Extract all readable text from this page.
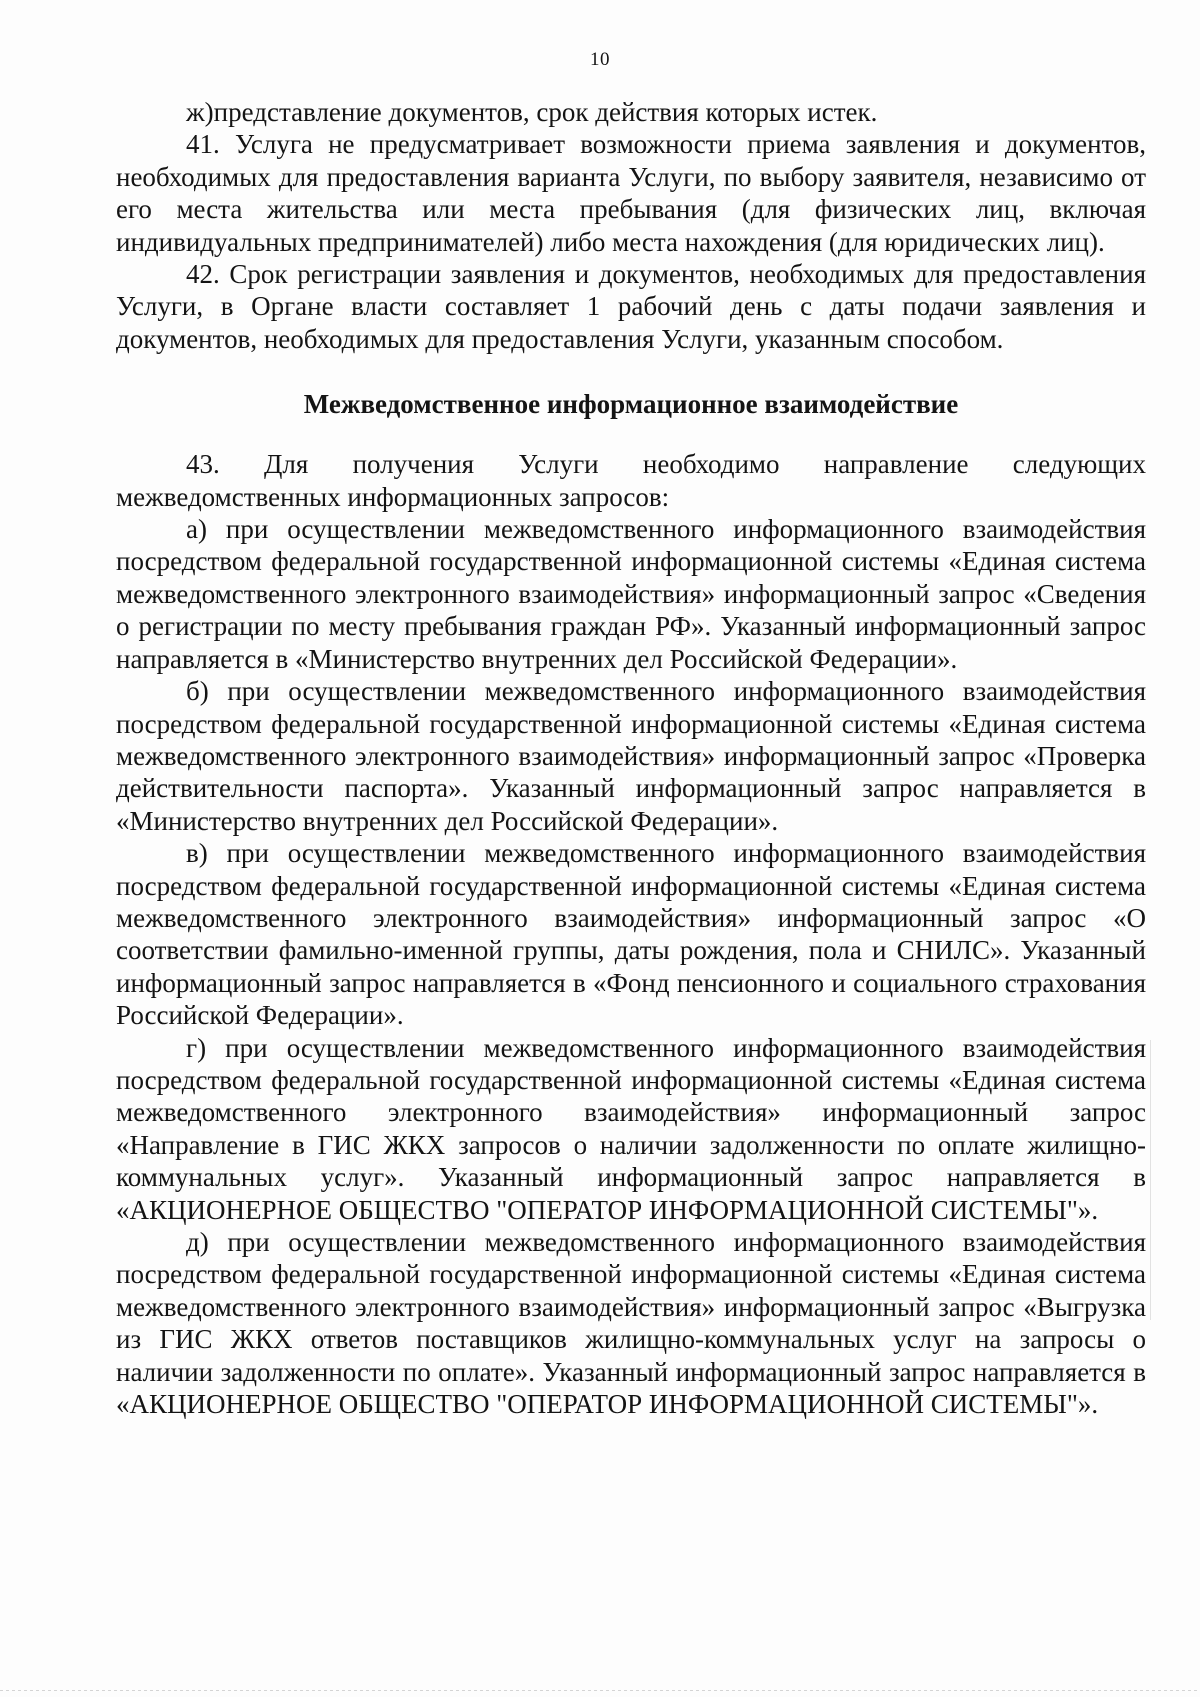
10

ж)представление документов, срок действия которых истек.

41. Услуга не предусматривает возможности приема заявления и документов, необходимых для предоставления варианта Услуги, по выбору заявителя, независимо от его места жительства или места пребывания (для физических лиц, включая индивидуальных предпринимателей) либо места нахождения (для юридических лиц).

42. Срок регистрации заявления и документов, необходимых для предоставления Услуги, в Органе власти составляет 1 рабочий день с даты подачи заявления и документов, необходимых для предоставления Услуги, указанным способом.

Межведомственное информационное взаимодействие

43. Для получения Услуги необходимо направление следующих межведомственных информационных запросов:

а) при осуществлении межведомственного информационного взаимодействия посредством федеральной государственной информационной системы «Единая система межведомственного электронного взаимодействия» информационный запрос «Сведения о регистрации по месту пребывания граждан РФ». Указанный информационный запрос направляется в «Министерство внутренних дел Российской Федерации».

б) при осуществлении межведомственного информационного взаимодействия посредством федеральной государственной информационной системы «Единая система межведомственного электронного взаимодействия» информационный запрос «Проверка действительности паспорта». Указанный информационный запрос направляется в «Министерство внутренних дел Российской Федерации».

в) при осуществлении межведомственного информационного взаимодействия посредством федеральной государственной информационной системы «Единая система межведомственного электронного взаимодействия» информационный запрос «О соответствии фамильно-именной группы, даты рождения, пола и СНИЛС». Указанный информационный запрос направляется в «Фонд пенсионного и социального страхования Российской Федерации».

г) при осуществлении межведомственного информационного взаимодействия посредством федеральной государственной информационной системы «Единая система межведомственного электронного взаимодействия» информационный запрос «Направление в ГИС ЖКХ запросов о наличии задолженности по оплате жилищно-коммунальных услуг». Указанный информационный запрос направляется в «АКЦИОНЕРНОЕ ОБЩЕСТВО "ОПЕРАТОР ИНФОРМАЦИОННОЙ СИСТЕМЫ"».

д) при осуществлении межведомственного информационного взаимодействия посредством федеральной государственной информационной системы «Единая система межведомственного электронного взаимодействия» информационный запрос «Выгрузка из ГИС ЖКХ ответов поставщиков жилищно-коммунальных услуг на запросы о наличии задолженности по оплате». Указанный информационный запрос направляется в «АКЦИОНЕРНОЕ ОБЩЕСТВО "ОПЕРАТОР ИНФОРМАЦИОННОЙ СИСТЕМЫ"».
